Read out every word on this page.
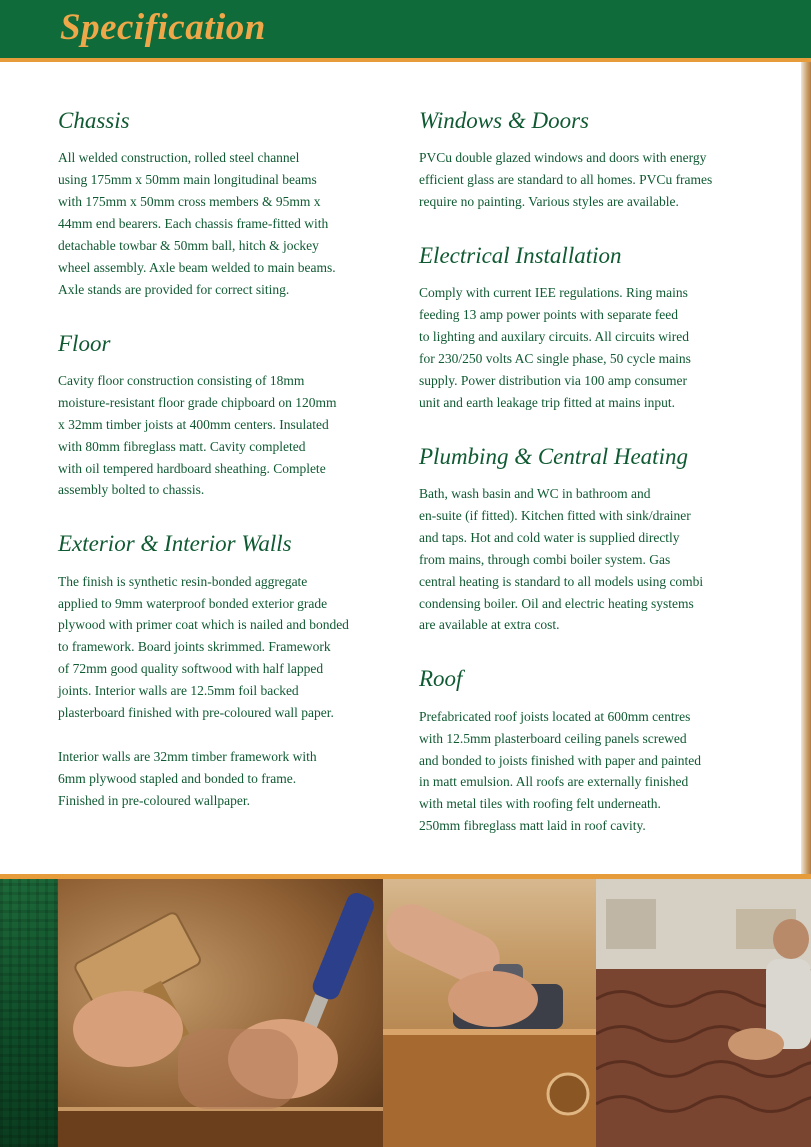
Specification
Chassis

All welded construction, rolled steel channel
using 175mm x 50mm main longitudinal beams
with 175mm x 50mm cross members & 95mm x
44mm end bearers. Each chassis frame-fitted with
detachable towbar & 50mm ball, hitch & jockey
wheel assembly. Axle beam welded to main beams.
Axle stands are provided for correct siting.

Floor

Cavity floor construction consisting of 18mm
moisture-resistant floor grade chipboard on 120mm
x 32mm timber joists at 400mm centers. Insulated
with 80mm fibreglass matt. Cavity completed
with oil tempered hardboard sheathing. Complete
assembly bolted to chassis.

Exterior & Interior Walls

The finish is synthetic resin-bonded aggregate
applied to 9mm waterproof bonded exterior grade
plywood with primer coat which is nailed and bonded
to framework. Board joints skrimmed. Framework
of 72mm good quality softwood with half lapped
joints. Interior walls are 12.5mm foil backed
plasterboard finished with pre-coloured wall paper.

Interior walls are 32mm timber framework with
6mm plywood stapled and bonded to frame.
Finished in pre-coloured wallpaper.

Windows & Doors

PVCu double glazed windows and doors with energy
efficient glass are standard to all homes. PVCu frames
require no painting. Various styles are available.

Electrical Installation

Comply with current IEE regulations. Ring mains
feeding 13 amp power points with separate feed
to lighting and auxilary circuits. All circuits wired
for 230/250 volts AC single phase, 50 cycle mains
supply. Power distribution via 100 amp consumer
unit and earth leakage trip fitted at mains input.

Plumbing & Central Heating

Bath, wash basin and WC in bathroom and
en-suite (if fitted). Kitchen fitted with sink/drainer
and taps. Hot and cold water is supplied directly
from mains, through combi boiler system. Gas
central heating is standard to all models using combi
condensing boiler. Oil and electric heating systems
are available at extra cost.

Roof

Prefabricated roof joists located at 600mm centres
with 12.5mm plasterboard ceiling panels screwed
and bonded to joists finished with paper and painted
in matt emulsion. All roofs are externally finished
with metal tiles with roofing felt underneath.
250mm fibreglass matt laid in roof cavity.
